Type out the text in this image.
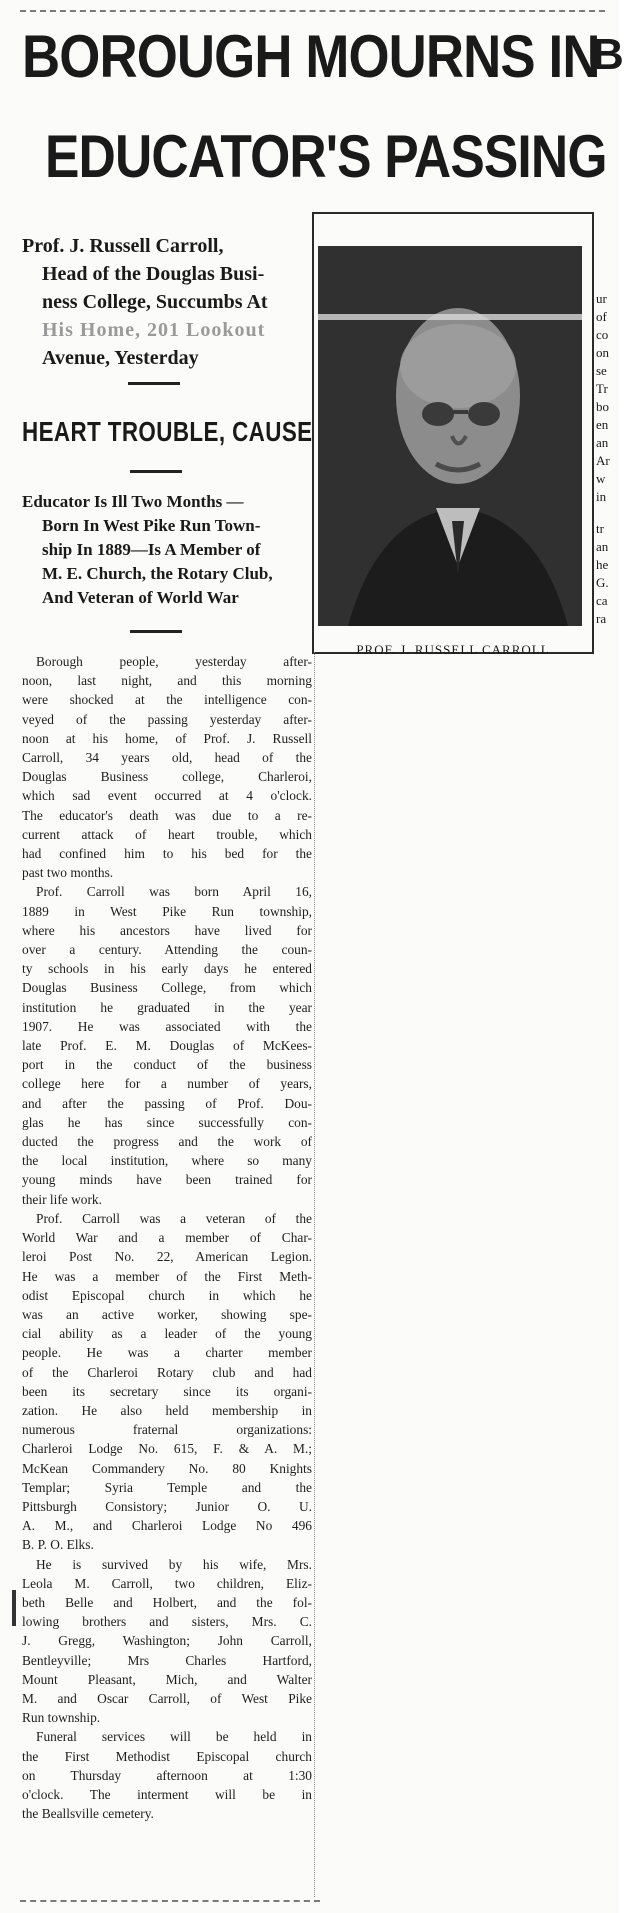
BOROUGH MOURNS IN
EDUCATOR'S PASSING
B
Prof. J. Russell Carroll,
Head of the Douglas Busi-
ness College, Succumbs At
His Home, 201 Lookout
Avenue, Yesterday
HEART TROUBLE, CAUSE
Educator Is Ill Two Months —
Born In West Pike Run Town-
ship In 1889—Is A Member of
M. E. Church, the Rotary Club,
And Veteran of World War
PROF. J. RUSSELL CARROLL
ur
of
co
on
se
Tr
bo
en
an
Ar
w
in
tr
an
he
G.
ca
ra
Borough people, yesterday after-
noon, last night, and this morning
were shocked at the intelligence con-
veyed of the passing yesterday after-
noon at his home, of Prof. J. Russell
Carroll, 34 years old, head of the
Douglas Business college, Charleroi,
which sad event occurred at 4 o'clock.
The educator's death was due to a re-
current attack of heart trouble, which
had confined him to his bed for the
past two months.
Prof. Carroll was born April 16,
1889 in West Pike Run township,
where his ancestors have lived for
over a century. Attending the coun-
ty schools in his early days he entered
Douglas Business College, from which
institution he graduated in the year
1907. He was associated with the
late Prof. E. M. Douglas of McKees-
port in the conduct of the business
college here for a number of years,
and after the passing of Prof. Dou-
glas he has since successfully con-
ducted the progress and the work of
the local institution, where so many
young minds have been trained for
their life work.
Prof. Carroll was a veteran of the
World War and a member of Char-
leroi Post No. 22, American Legion.
He was a member of the First Meth-
odist Episcopal church in which he
was an active worker, showing spe-
cial ability as a leader of the young
people. He was a charter member
of the Charleroi Rotary club and had
been its secretary since its organi-
zation. He also held membership in
numerous fraternal organizations:
Charleroi Lodge No. 615, F. & A. M.;
McKean Commandery No. 80 Knights
Templar; Syria Temple and the
Pittsburgh Consistory; Junior O. U.
A. M., and Charleroi Lodge No 496
B. P. O. Elks.
He is survived by his wife, Mrs.
Leola M. Carroll, two children, Eliz-
beth Belle and Holbert, and the fol-
lowing brothers and sisters, Mrs. C.
J. Gregg, Washington; John Carroll,
Bentleyville; Mrs Charles Hartford,
Mount Pleasant, Mich, and Walter
M. and Oscar Carroll, of West Pike
Run township.
Funeral services will be held in
the First Methodist Episcopal church
on Thursday afternoon at 1:30
o'clock. The interment will be in
the Beallsville cemetery.
